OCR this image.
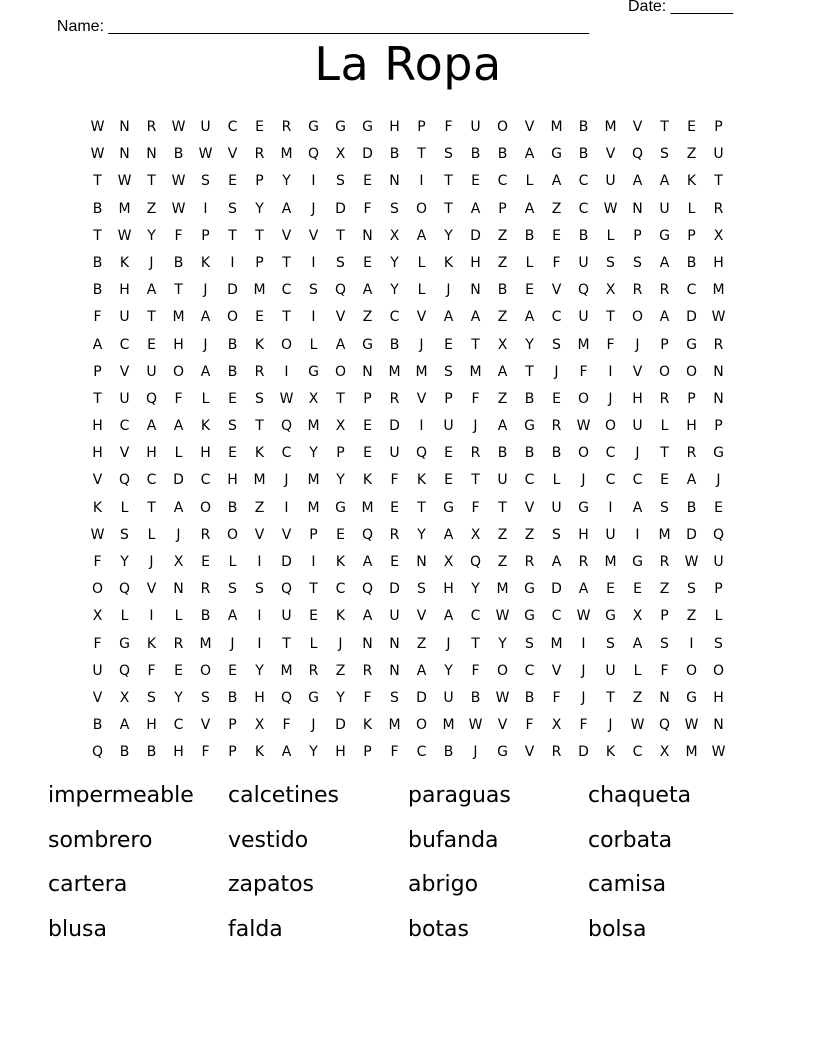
Name: ______________________________________________________

Date: _______

La Ropa
W	N	R	W	U	C	E	R	G	G	G	H	P	F	U	O	V	M	B	M	V	T	E	P
W	N	N	B	W	V	R	M	Q	X	D	B	T	S	B	B	A	G	B	V	Q	S	Z	U
T	W	T	W	S	E	P	Y	I	S	E	N	I	T	E	C	L	A	C	U	A	A	K	T
B	M	Z	W	I	S	Y	A	J	D	F	S	O	T	A	P	A	Z	C	W	N	U	L	R
T	W	Y	F	P	T	T	V	V	T	N	X	A	Y	D	Z	B	E	B	L	P	G	P	X
B	K	J	B	K	I	P	T	I	S	E	Y	L	K	H	Z	L	F	U	S	S	A	B	H
B	H	A	T	J	D	M	C	S	Q	A	Y	L	J	N	B	E	V	Q	X	R	R	C	M
F	U	T	M	A	O	E	T	I	V	Z	C	V	A	A	Z	A	C	U	T	O	A	D	W
A	C	E	H	J	B	K	O	L	A	G	B	J	E	T	X	Y	S	M	F	J	P	G	R
P	V	U	O	A	B	R	I	G	O	N	M	M	S	M	A	T	J	F	I	V	O	O	N
T	U	Q	F	L	E	S	W	X	T	P	R	V	P	F	Z	B	E	O	J	H	R	P	N
H	C	A	A	K	S	T	Q	M	X	E	D	I	U	J	A	G	R	W	O	U	L	H	P
H	V	H	L	H	E	K	C	Y	P	E	U	Q	E	R	B	B	B	O	C	J	T	R	G
V	Q	C	D	C	H	M	J	M	Y	K	F	K	E	T	U	C	L	J	C	C	E	A	J
K	L	T	A	O	B	Z	I	M	G	M	E	T	G	F	T	V	U	G	I	A	S	B	E
W	S	L	J	R	O	V	V	P	E	Q	R	Y	A	X	Z	Z	S	H	U	I	M	D	Q
F	Y	J	X	E	L	I	D	I	K	A	E	N	X	Q	Z	R	A	R	M	G	R	W	U
O	Q	V	N	R	S	S	Q	T	C	Q	D	S	H	Y	M	G	D	A	E	E	Z	S	P
X	L	I	L	B	A	I	U	E	K	A	U	V	A	C	W	G	C	W	G	X	P	Z	L
F	G	K	R	M	J	I	T	L	J	N	N	Z	J	T	Y	S	M	I	S	A	S	I	S
U	Q	F	E	O	E	Y	M	R	Z	R	N	A	Y	F	O	C	V	J	U	L	F	O	O
V	X	S	Y	S	B	H	Q	G	Y	F	S	D	U	B	W	B	F	J	T	Z	N	G	H
B	A	H	C	V	P	X	F	J	D	K	M	O	M	W	V	F	X	F	J	W	Q	W	N
Q	B	B	H	F	P	K	A	Y	H	P	F	C	B	J	G	V	R	D	K	C	X	M	W
impermeable	calcetines	paraguas	chaqueta
sombrero	vestido	bufanda	corbata
cartera	zapatos	abrigo	camisa
blusa	falda	botas	bolsa
